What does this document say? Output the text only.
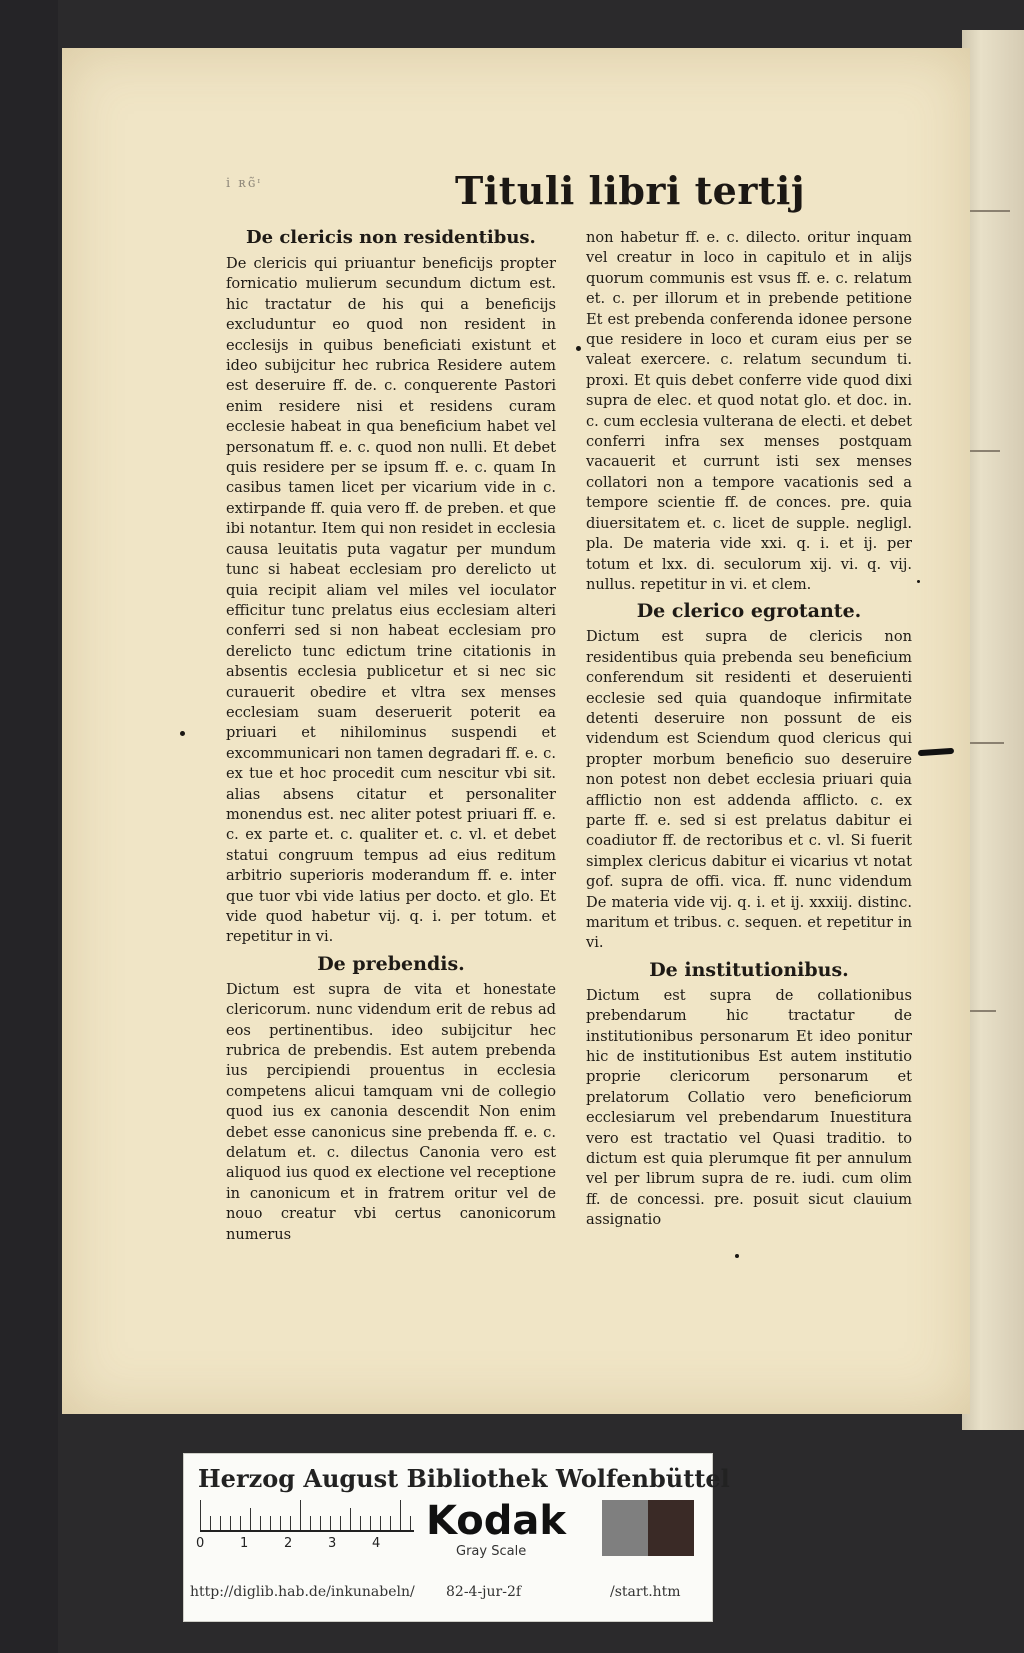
i ʀɢ̃ᶦ	Tituli libri tertij
De clericis non residentibus.

De clericis qui priuantur beneficijs propter fornicatio mulierum secundum dictum est. hic tractatur de his qui a beneficijs excluduntur eo quod non resident in ecclesijs in quibus beneficiati existunt et ideo subijcitur hec rubrica Residere autem est deseruire ff. de. c. conquerente Pastori enim residere nisi et residens curam ecclesie habeat in qua beneficium habet vel personatum ff. e. c. quod non nulli. Et debet quis residere per se ipsum ff. e. c. quam In casibus tamen licet per vicarium vide in c. extirpande ff. quia vero ff. de preben. et que ibi notantur. Item qui non residet in ecclesia causa leuitatis puta vagatur per mundum tunc si habeat ecclesiam pro derelicto ut quia recipit aliam vel miles vel ioculator efficitur tunc prelatus eius ecclesiam alteri conferri sed si non habeat ecclesiam pro derelicto tunc edictum trine citationis in absentis ecclesia publicetur et si nec sic curauerit obedire et vltra sex menses ecclesiam suam deseruerit poterit ea priuari et nihilominus suspendi et excommunicari non tamen degradari ff. e. c. ex tue et hoc procedit cum nescitur vbi sit. alias absens citatur et personaliter monendus est. nec aliter potest priuari ff. e. c. ex parte et. c. qualiter et. c. vl. et debet statui congruum tempus ad eius reditum arbitrio superioris moderandum ff. e. inter que tuor vbi vide latius per docto. et glo. Et vide quod habetur vij. q. i. per totum. et repetitur in vi.

De prebendis.

Dictum est supra de vita et honestate clericorum. nunc videndum erit de rebus ad eos pertinentibus. ideo subijcitur hec rubrica de prebendis. Est autem prebenda ius percipiendi prouentus in ecclesia competens alicui tamquam vni de collegio quod ius ex canonia descendit Non enim debet esse canonicus sine prebenda ff. e. c. delatum et. c. dilectus Canonia vero est aliquod ius quod ex electione vel receptione in canonicum et in fratrem oritur vel de nouo creatur vbi certus canonicorum numerus

non habetur ff. e. c. dilecto. oritur inquam vel creatur in loco in capitulo et in alijs quorum communis est vsus ff. e. c. relatum et. c. per illorum et in prebende petitione Et est prebenda conferenda idonee persone que residere in loco et curam eius per se valeat exercere. c. relatum secundum ti. proxi. Et quis debet conferre vide quod dixi supra de elec. et quod notat glo. et doc. in. c. cum ecclesia vulterana de electi. et debet conferri infra sex menses postquam vacauerit et currunt isti sex menses collatori non a tempore vacationis sed a tempore scientie ff. de conces. pre. quia diuersitatem et. c. licet de supple. negligl. pla. De materia vide xxi. q. i. et ij. per totum et lxx. di. seculorum xij. vi. q. vij. nullus. repetitur in vi. et clem.

De clerico egrotante.

Dictum est supra de clericis non residentibus quia prebenda seu beneficium conferendum sit residenti et deseruienti ecclesie sed quia quandoque infirmitate detenti deseruire non possunt de eis videndum est Sciendum quod clericus qui propter morbum beneficio suo deseruire non potest non debet ecclesia priuari quia afflictio non est addenda afflicto. c. ex parte ff. e. sed si est prelatus dabitur ei coadiutor ff. de rectoribus et c. vl. Si fuerit simplex clericus dabitur ei vicarius vt notat gof. supra de offi. vica. ff. nunc videndum De materia vide vij. q. i. et ij. xxxiij. distinc. maritum et tribus. c. sequen. et repetitur in vi.

De institutionibus.

Dictum est supra de collationibus prebendarum hic tractatur de institutionibus personarum Et ideo ponitur hic de institutionibus Est autem institutio proprie clericorum personarum et prelatorum Collatio vero beneficiorum ecclesiarum vel prebendarum Inuestitura vero est tractatio vel Quasi traditio. to dictum est quia plerumque fit per annulum vel per librum supra de re. iudi. cum olim ff. de concessi. pre. posuit sicut clauium assignatio

Herzog August Bibliothek Wolfenbüttel
0	1	2	3	4 Kodak
Gray Scale
http://diglib.hab.de/inkunabeln/ 82-4-jur-2f	/start.htm
